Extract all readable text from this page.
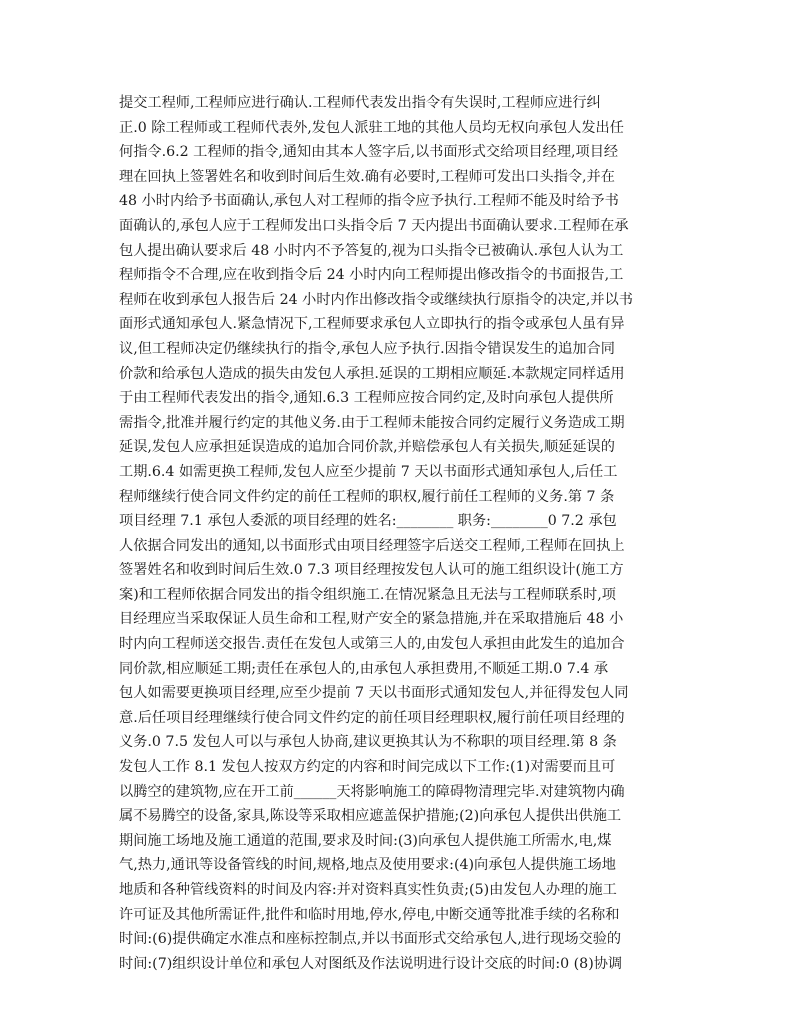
提交工程师,工程师应进行确认.工程师代表发出指令有失误时,工程师应进行纠
正.0 除工程师或工程师代表外,发包人派驻工地的其他人员均无权向承包人发出任
何指令.6.2 工程师的指令,通知由其本人签字后,以书面形式交给项目经理,项目经
理在回执上签署姓名和收到时间后生效.确有必要时,工程师可发出口头指令,并在
48 小时内给予书面确认,承包人对工程师的指令应予执行.工程师不能及时给予书
面确认的,承包人应于工程师发出口头指令后 7 天内提出书面确认要求.工程师在承
包人提出确认要求后 48 小时内不予答复的,视为口头指令已被确认.承包人认为工
程师指令不合理,应在收到指令后 24 小时内向工程师提出修改指令的书面报告,工
程师在收到承包人报告后 24 小时内作出修改指令或继续执行原指令的决定,并以书
面形式通知承包人.紧急情况下,工程师要求承包人立即执行的指令或承包人虽有异
议,但工程师决定仍继续执行的指令,承包人应予执行.因指令错误发生的追加合同
价款和给承包人造成的损失由发包人承担.延误的工期相应顺延.本款规定同样适用
于由工程师代表发出的指令,通知.6.3 工程师应按合同约定,及时向承包人提供所
需指令,批准并履行约定的其他义务.由于工程师未能按合同约定履行义务造成工期
延误,发包人应承担延误造成的追加合同价款,并赔偿承包人有关损失,顺延延误的
工期.6.4 如需更换工程师,发包人应至少提前 7 天以书面形式通知承包人,后任工
程师继续行使合同文件约定的前任工程师的职权,履行前任工程师的义务.第 7 条
项目经理 7.1 承包人委派的项目经理的姓名:________ 职务:________0 7.2 承包
人依据合同发出的通知,以书面形式由项目经理签字后送交工程师,工程师在回执上
签署姓名和收到时间后生效.0 7.3 项目经理按发包人认可的施工组织设计(施工方
案)和工程师依据合同发出的指令组织施工.在情况紧急且无法与工程师联系时,项
目经理应当采取保证人员生命和工程,财产安全的紧急措施,并在采取措施后 48 小
时内向工程师送交报告.责任在发包人或第三人的,由发包人承担由此发生的追加合
同价款,相应顺延工期;责任在承包人的,由承包人承担费用,不顺延工期.0 7.4 承
包人如需要更换项目经理,应至少提前 7 天以书面形式通知发包人,并征得发包人同
意.后任项目经理继续行使合同文件约定的前任项目经理职权,履行前任项目经理的
义务.0 7.5 发包人可以与承包人协商,建议更换其认为不称职的项目经理.第 8 条
发包人工作 8.1 发包人按双方约定的内容和时间完成以下工作:(1)对需要而且可
以腾空的建筑物,应在开工前______天将影响施工的障碍物清理完毕.对建筑物内确
属不易腾空的设备,家具,陈设等采取相应遮盖保护措施;(2)向承包人提供出供施工
期间施工场地及施工通道的范围,要求及时间:(3)向承包人提供施工所需水,电,煤
气,热力,通讯等设备管线的时间,规格,地点及使用要求:(4)向承包人提供施工场地
地质和各种管线资料的时间及内容:并对资料真实性负责;(5)由发包人办理的施工
许可证及其他所需证件,批件和临时用地,停水,停电,中断交通等批准手续的名称和
时间:(6)提供确定水准点和座标控制点,并以书面形式交给承包人,进行现场交验的
时间:(7)组织设计单位和承包人对图纸及作法说明进行设计交底的时间:0 (8)协调
